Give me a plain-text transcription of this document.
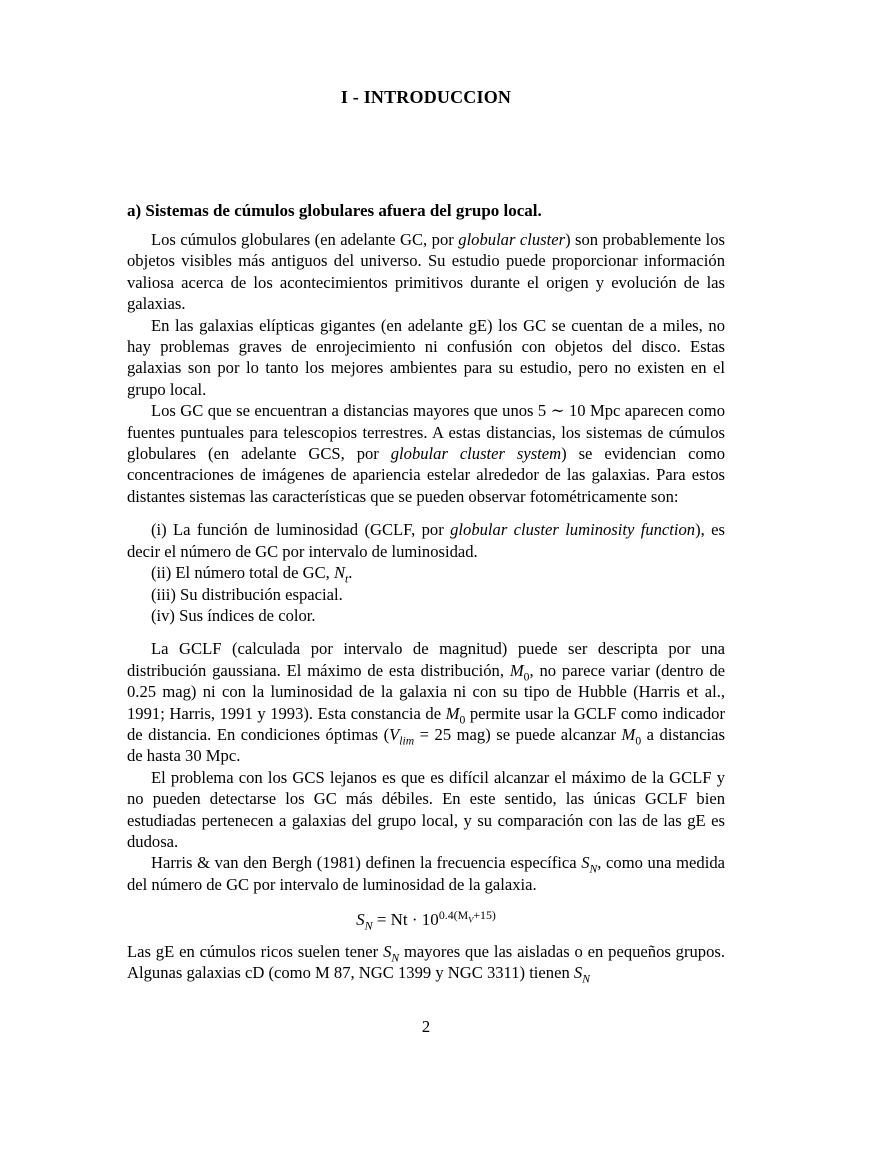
I - INTRODUCCION
a) Sistemas de cúmulos globulares afuera del grupo local.

Los cúmulos globulares (en adelante GC, por globular cluster) son probablemente los objetos visibles más antiguos del universo. Su estudio puede proporcionar información valiosa acerca de los acontecimientos primitivos durante el origen y evolución de las galaxias.

En las galaxias elípticas gigantes (en adelante gE) los GC se cuentan de a miles, no hay problemas graves de enrojecimiento ni confusión con objetos del disco. Estas galaxias son por lo tanto los mejores ambientes para su estudio, pero no existen en el grupo local.

Los GC que se encuentran a distancias mayores que unos 5 ∼ 10 Mpc aparecen como fuentes puntuales para telescopios terrestres. A estas distancias, los sistemas de cúmulos globulares (en adelante GCS, por globular cluster system) se evidencian como concentraciones de imágenes de apariencia estelar alrededor de las galaxias. Para estos distantes sistemas las características que se pueden observar fotométricamente son:

(i) La función de luminosidad (GCLF, por globular cluster luminosity function), es decir el número de GC por intervalo de luminosidad.

(ii) El número total de GC, $N_t$.

(iii) Su distribución espacial.

(iv) Sus índices de color.

La GCLF (calculada por intervalo de magnitud) puede ser descripta por una distribución gaussiana. El máximo de esta distribución, $M_0$, no parece variar (dentro de 0.25 mag) ni con la luminosidad de la galaxia ni con su tipo de Hubble (Harris et al., 1991; Harris, 1991 y 1993). Esta constancia de $M_0$ permite usar la GCLF como indicador de distancia. En condiciones óptimas ($V_{lim} = 25$ mag) se puede alcanzar $M_0$ a distancias de hasta 30 Mpc.

El problema con los GCS lejanos es que es difícil alcanzar el máximo de la GCLF y no pueden detectarse los GC más débiles. En este sentido, las únicas GCLF bien estudiadas pertenecen a galaxias del grupo local, y su comparación con las de las gE es dudosa.

Harris & van den Bergh (1981) definen la frecuencia específica $S_N$, como una medida del número de GC por intervalo de luminosidad de la galaxia.

$S_N = Nt \cdot 10^{0.4(M_V+15)}$

Las gE en cúmulos ricos suelen tener $S_N$ mayores que las aisladas o en pequeños grupos. Algunas galaxias cD (como M 87, NGC 1399 y NGC 3311) tienen $S_N$

2
